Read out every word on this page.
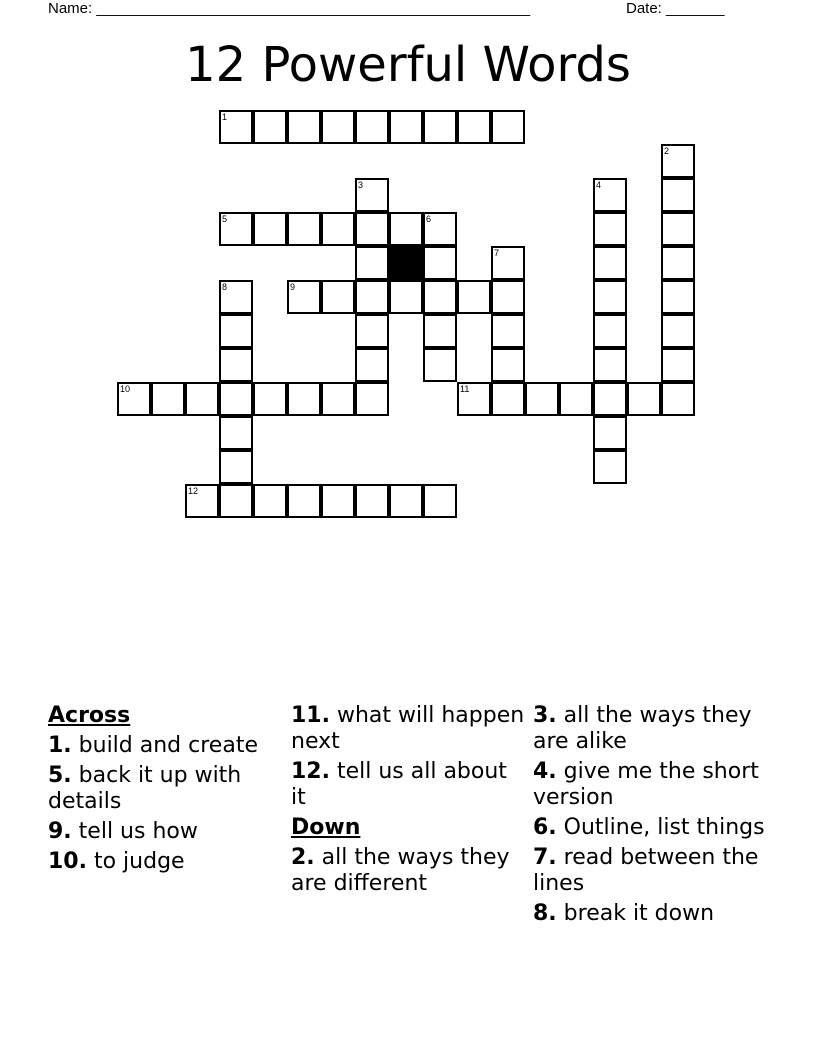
Name: ____________________________________________________	Date: _______
12 Powerful Words
1
5	6
9
10	11
12
2
3	4
7
8
Across
1. build and create
5. back it up with details
9. tell us how
10. to judge
11. what will happen next
12. tell us all about it
Down
2. all the ways they are different
3. all the ways they are alike
4. give me the short version
6. Outline, list things
7. read between the lines
8. break it down
